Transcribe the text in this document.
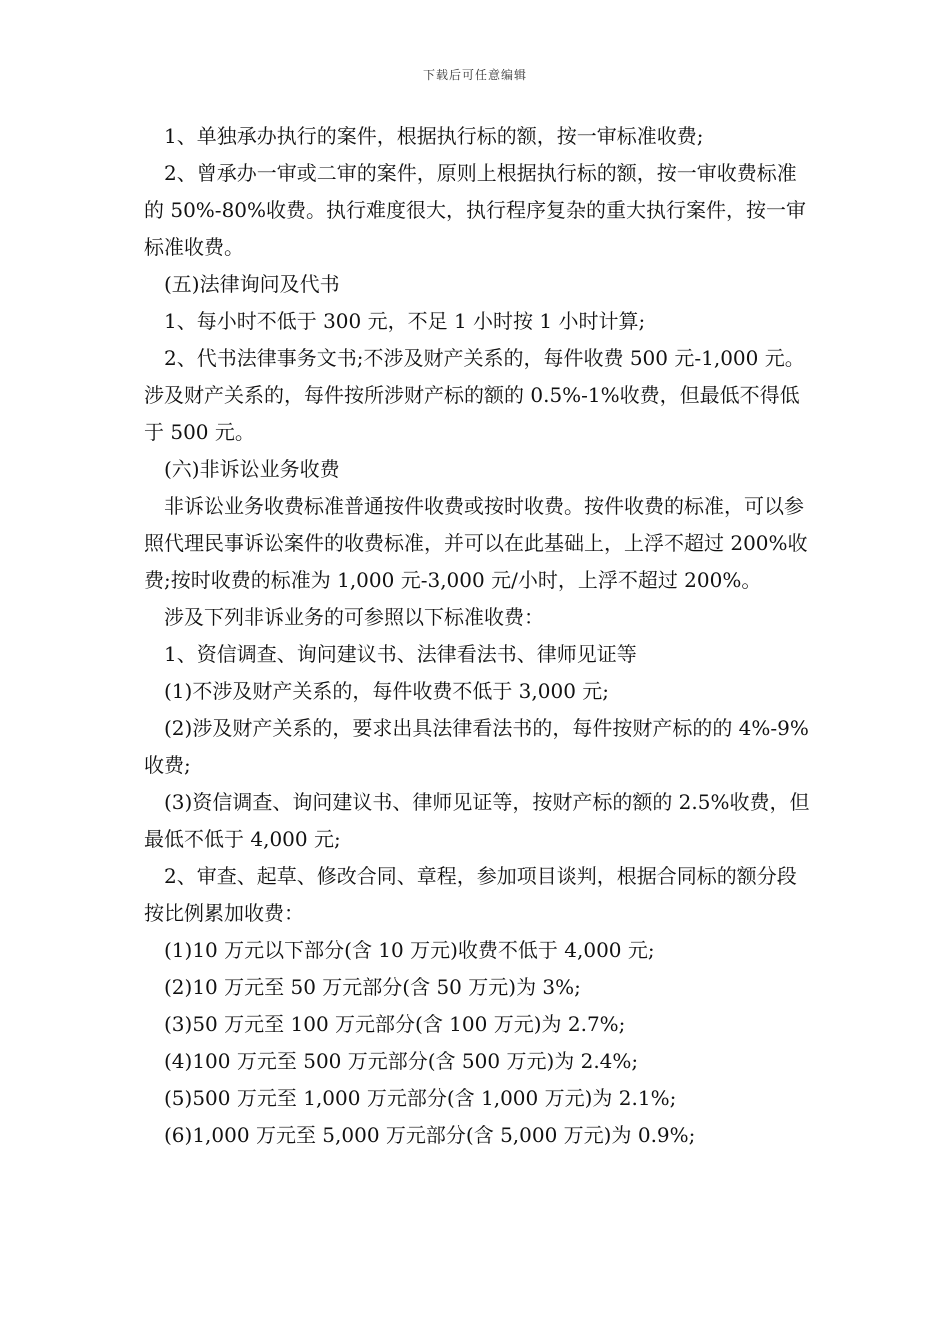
下载后可任意编辑

1、单独承办执行的案件，根据执行标的额，按一审标准收费;

2、曾承办一审或二审的案件，原则上根据执行标的额，按一审收费标准的 50%-80%收费。执行难度很大，执行程序复杂的重大执行案件，按一审标准收费。

(五)法律询问及代书

1、每小时不低于 300 元，不足 1 小时按 1 小时计算;

2、代书法律事务文书;不涉及财产关系的，每件收费 500 元-1,000 元。涉及财产关系的，每件按所涉财产标的额的 0.5%-1%收费，但最低不得低于 500 元。

(六)非诉讼业务收费

非诉讼业务收费标准普通按件收费或按时收费。按件收费的标准，可以参照代理民事诉讼案件的收费标准，并可以在此基础上，上浮不超过 200%收费;按时收费的标准为 1,000 元-3,000 元/小时，上浮不超过 200%。

涉及下列非诉业务的可参照以下标准收费：

1、资信调查、询问建议书、法律看法书、律师见证等

(1)不涉及财产关系的，每件收费不低于 3,000 元;

(2)涉及财产关系的，要求出具法律看法书的，每件按财产标的的 4%-9%收费;

(3)资信调查、询问建议书、律师见证等，按财产标的额的 2.5%收费，但最低不低于 4,000 元;

2、审查、起草、修改合同、章程，参加项目谈判，根据合同标的额分段按比例累加收费：

(1)10 万元以下部分(含 10 万元)收费不低于 4,000 元;

(2)10 万元至 50 万元部分(含 50 万元)为 3%;

(3)50 万元至 100 万元部分(含 100 万元)为 2.7%;

(4)100 万元至 500 万元部分(含 500 万元)为 2.4%;

(5)500 万元至 1,000 万元部分(含 1,000 万元)为 2.1%;

(6)1,000 万元至 5,000 万元部分(含 5,000 万元)为 0.9%;
